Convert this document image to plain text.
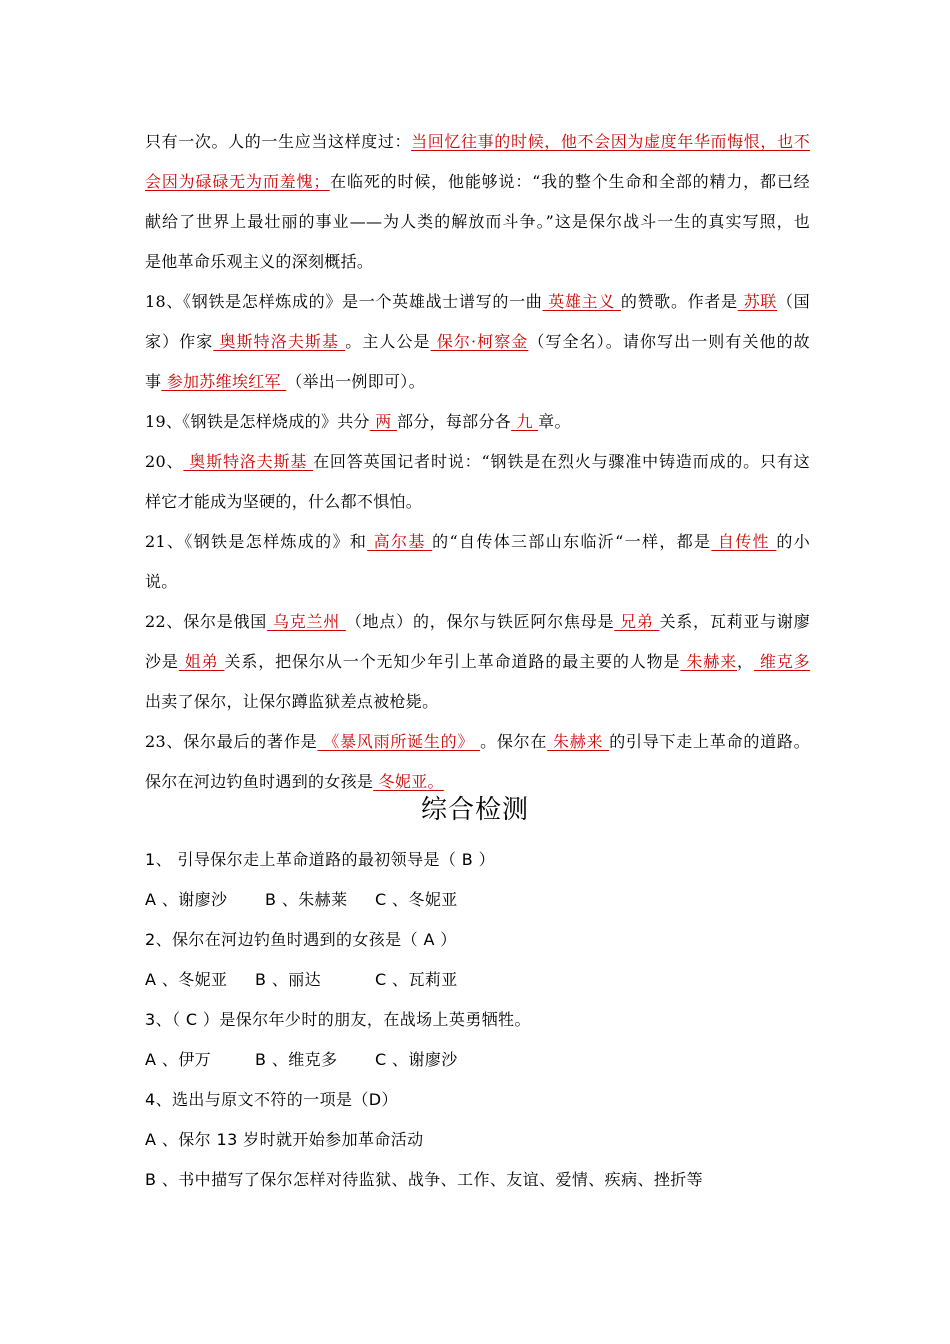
只有一次。人的一生应当这样度过：当回忆往事的时候，他不会因为虚度年华而悔恨，也不
会因为碌碌无为而羞愧；在临死的时候，他能够说：“我的整个生命和全部的精力，都已经
献给了世界上最壮丽的事业——为人类的解放而斗争。”这是保尔战斗一生的真实写照，也
是他革命乐观主义的深刻概括。
18、《钢铁是怎样炼成的》是一个英雄战士谱写的一曲 英雄主义 的赞歌。作者是 苏联（国
家）作家 奥斯特洛夫斯基 。主人公是 保尔·柯察金（写全名）。请你写出一则有关他的故
事 参加苏维埃红军 （举出一例即可）。
19、《钢铁是怎样烧成的》共分 两 部分，每部分各 九 章。
20、 奥斯特洛夫斯基 在回答英国记者时说：“钢铁是在烈火与骤准中铸造而成的。只有这
样它才能成为坚硬的，什么都不惧怕。
21、《钢铁是怎样炼成的》和 高尔基 的“自传体三部山东临沂“一样，都是 自传性 的小
说。
22、保尔是俄国 乌克兰州 （地点）的，保尔与铁匠阿尔焦母是 兄弟 关系，瓦莉亚与谢廖
沙是 姐弟 关系，把保尔从一个无知少年引上革命道路的最主要的人物是 朱赫来， 维克多
出卖了保尔，让保尔蹲监狱差点被枪毙。
23、保尔最后的著作是 《暴风雨所诞生的》 。保尔在 朱赫来 的引导下走上革命的道路。
保尔在河边钓鱼时遇到的女孩是 冬妮亚。
综合检测
1、 引导保尔走上革命道路的最初领导是（ B ）
A 、谢廖沙 B 、朱赫莱 C 、冬妮亚
2、保尔在河边钓鱼时遇到的女孩是（ A ）
A 、冬妮亚 B 、丽达	C 、瓦莉亚
3、（ C ）是保尔年少时的朋友，在战场上英勇牺牲。
A 、伊万	B 、维克多 C 、谢廖沙
4、选出与原文不符的一项是（D）
A 、保尔 13 岁时就开始参加革命活动
B 、书中描写了保尔怎样对待监狱、战争、工作、友谊、爱情、疾病、挫折等
